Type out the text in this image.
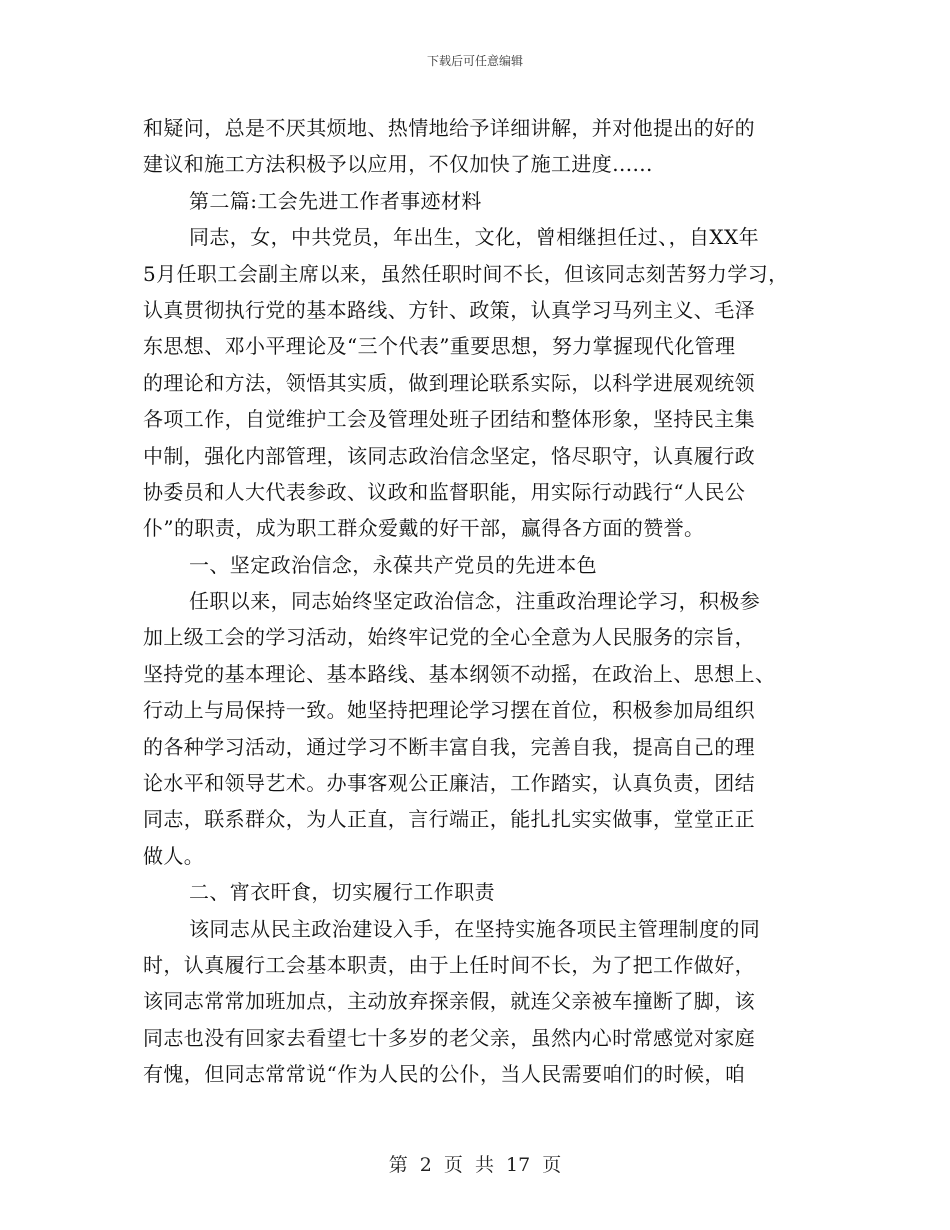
下载后可任意编辑
和疑问，总是不厌其烦地、热情地给予详细讲解，并对他提出的好的
建议和施工方法积极予以应用，不仅加快了施工进度......
第二篇:工会先进工作者事迹材料
同志，女，中共党员，年出生，文化，曾相继担任过、，自XX年
5月任职工会副主席以来，虽然任职时间不长，但该同志刻苦努力学习，
认真贯彻执行党的基本路线、方针、政策，认真学习马列主义、毛泽
东思想、邓小平理论及“三个代表”重要思想，努力掌握现代化管理
的理论和方法，领悟其实质，做到理论联系实际，以科学进展观统领
各项工作，自觉维护工会及管理处班子团结和整体形象，坚持民主集
中制，强化内部管理，该同志政治信念坚定，恪尽职守，认真履行政
协委员和人大代表参政、议政和监督职能，用实际行动践行“人民公
仆”的职责，成为职工群众爱戴的好干部，赢得各方面的赞誉。
一、坚定政治信念，永葆共产党员的先进本色
任职以来，同志始终坚定政治信念，注重政治理论学习，积极参
加上级工会的学习活动，始终牢记党的全心全意为人民服务的宗旨，
坚持党的基本理论、基本路线、基本纲领不动摇，在政治上、思想上、
行动上与局保持一致。她坚持把理论学习摆在首位，积极参加局组织
的各种学习活动，通过学习不断丰富自我，完善自我，提高自己的理
论水平和领导艺术。办事客观公正廉洁，工作踏实，认真负责，团结
同志，联系群众，为人正直，言行端正，能扎扎实实做事，堂堂正正
做人。
二、宵衣旰食，切实履行工作职责
该同志从民主政治建设入手，在坚持实施各项民主管理制度的同
时，认真履行工会基本职责，由于上任时间不长，为了把工作做好，
该同志常常加班加点，主动放弃探亲假，就连父亲被车撞断了脚，该
同志也没有回家去看望七十多岁的老父亲，虽然内心时常感觉对家庭
有愧，但同志常常说“作为人民的公仆，当人民需要咱们的时候，咱
第 2 页 共 17 页
